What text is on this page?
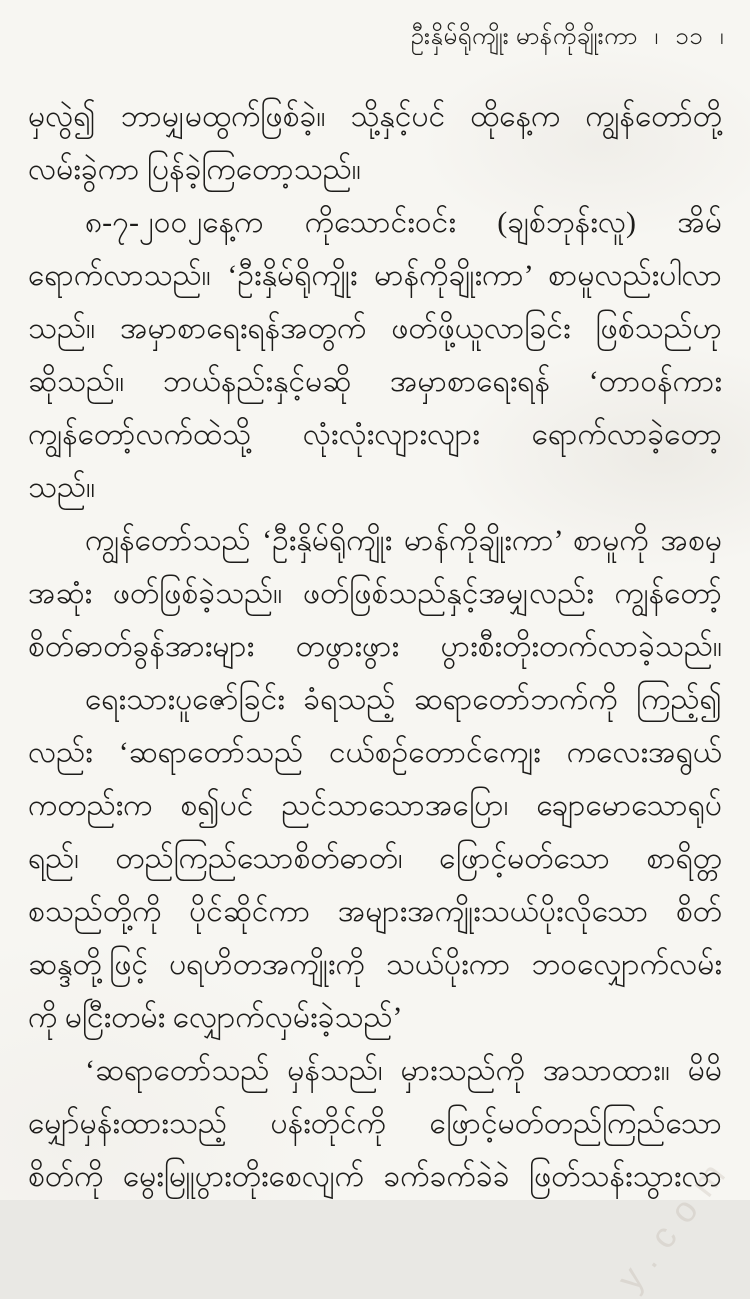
ဦးနှိမ်ရိုကျိုး မာန်ကိုချိုးကာ ၊ ၁၁ ၊
မှလွဲ၍ ဘာမျှမထွက်ဖြစ်ခဲ့။ သို့နှင့်ပင် ထိုနေ့က ကျွန်တော်တို့
လမ်းခွဲကာ ပြန်ခဲ့ကြတော့သည်။
၈-၇-၂၀၀၂နေ့က ကိုသောင်းဝင်း (ချစ်ဘုန်းလူ) အိမ်
ရောက်လာသည်။ ‘ဦးနှိမ်ရိုကျိုး မာန်ကိုချိုးကာ’ စာမူလည်းပါလာ
သည်။ အမှာစာရေးရန်အတွက် ဖတ်ဖို့ယူလာခြင်း ဖြစ်သည်ဟု
ဆိုသည်။ ဘယ်နည်းနှင့်မဆို အမှာစာရေးရန် ‘တာဝန်ကား
ကျွန်တော့်လက်ထဲသို့ လုံးလုံးလျားလျား ရောက်လာခဲ့တော့
သည်။
ကျွန်တော်သည် ‘ဦးနှိမ်ရိုကျိုး မာန်ကိုချိုးကာ’ စာမူကို အစမှ
အဆုံး ဖတ်ဖြစ်ခဲ့သည်။ ဖတ်ဖြစ်သည်နှင့်အမျှလည်း ကျွန်တော့်
စိတ်ဓာတ်ခွန်အားများ တဖွားဖွား ပွားစီးတိုးတက်လာခဲ့သည်။
ရေးသားပူဇော်ခြင်း ခံရသည့် ဆရာတော်ဘက်ကို ကြည့်၍
လည်း ‘ဆရာတော်သည် ငယ်စဉ်တောင်ကျေး ကလေးအရွယ်
ကတည်းက စ၍ပင် ညင်သာသောအပြော၊ ချောမောသောရုပ်
ရည်၊ တည်ကြည်သောစိတ်ဓာတ်၊ ဖြောင့်မတ်သော စာရိတ္တ
စသည်တို့ကို ပိုင်ဆိုင်ကာ အများအကျိုးသယ်ပိုးလိုသော စိတ်
ဆန္ဒတို့ဖြင့် ပရဟိတအကျိုးကို သယ်ပိုးကာ ဘဝလျှောက်လမ်း
ကို မငြီးတမ်း လျှောက်လှမ်းခဲ့သည်’
‘ဆရာတော်သည် မှန်သည်၊ မှားသည်ကို အသာထား။ မိမိ
မျှော်မှန်းထားသည့် ပန်းတိုင်ကို ဖြောင့်မတ်တည်ကြည်သော
စိတ်ကို မွေးမြူပွားတိုးစေလျက် ခက်ခက်ခဲခဲ ဖြတ်သန်းသွားလာ
y.com
